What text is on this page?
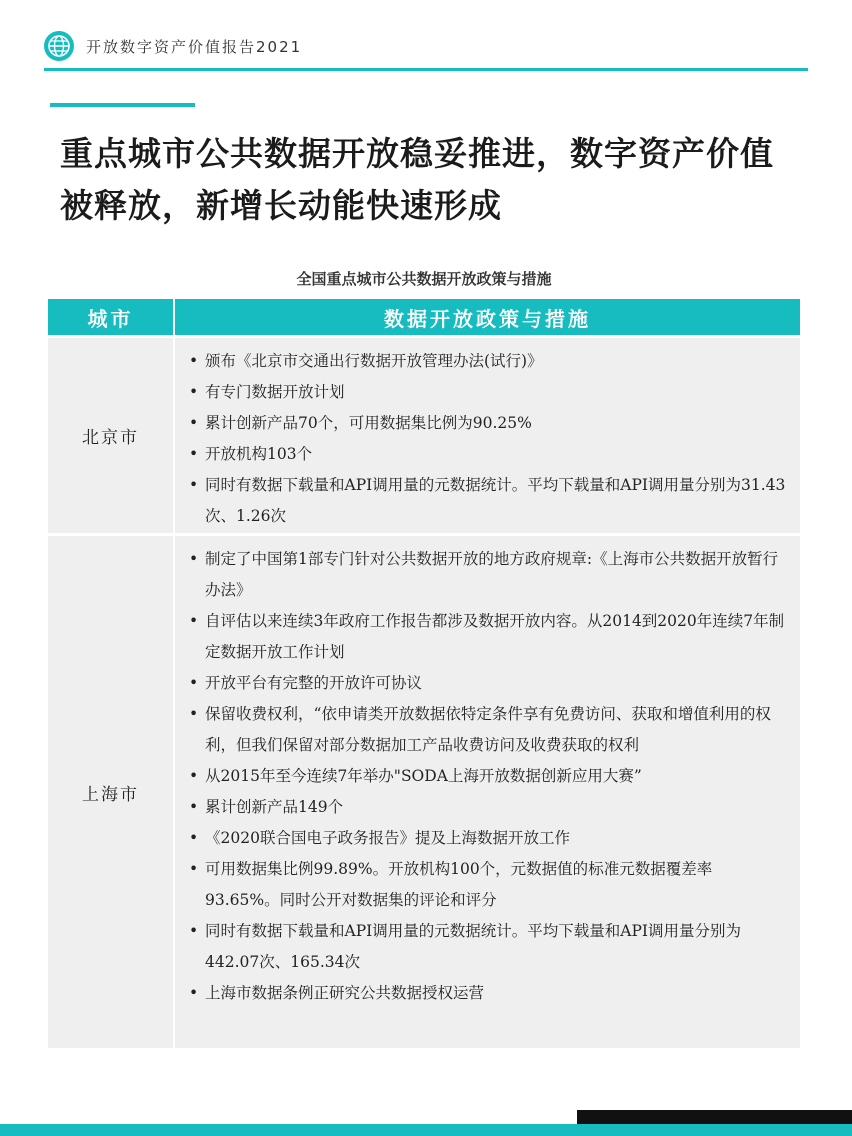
开放数字资产价值报告2021
重点城市公共数据开放稳妥推进，数字资产价值被释放，新增长动能快速形成
全国重点城市公共数据开放政策与措施
城市	数据开放政策与措施
北京市
• 颁布《北京市交通出行数据开放管理办法(试行)》
• 有专门数据开放计划
• 累计创新产品70个，可用数据集比例为90.25%
• 开放机构103个
• 同时有数据下载量和API调用量的元数据统计。平均下载量和API调用量分别为31.43次、1.26次
上海市
• 制定了中国第1部专门针对公共数据开放的地方政府规章:《上海市公共数据开放暂行办法》
• 自评估以来连续3年政府工作报告都涉及数据开放内容。从2014到2020年连续7年制定数据开放工作计划
• 开放平台有完整的开放许可协议
• 保留收费权利，“依申请类开放数据依特定条件享有免费访问、获取和增值利用的权利，但我们保留对部分数据加工产品收费访问及收费获取的权利
• 从2015年至今连续7年举办"SODA上海开放数据创新应用大赛”
• 累计创新产品149个
• 《2020联合国电子政务报告》提及上海数据开放工作
• 可用数据集比例99.89%。开放机构100个，元数据值的标准元数据覆差率93.65%。同时公开对数据集的评论和评分
• 同时有数据下载量和API调用量的元数据统计。平均下载量和API调用量分别为442.07次、165.34次
• 上海市数据条例正研究公共数据授权运营
